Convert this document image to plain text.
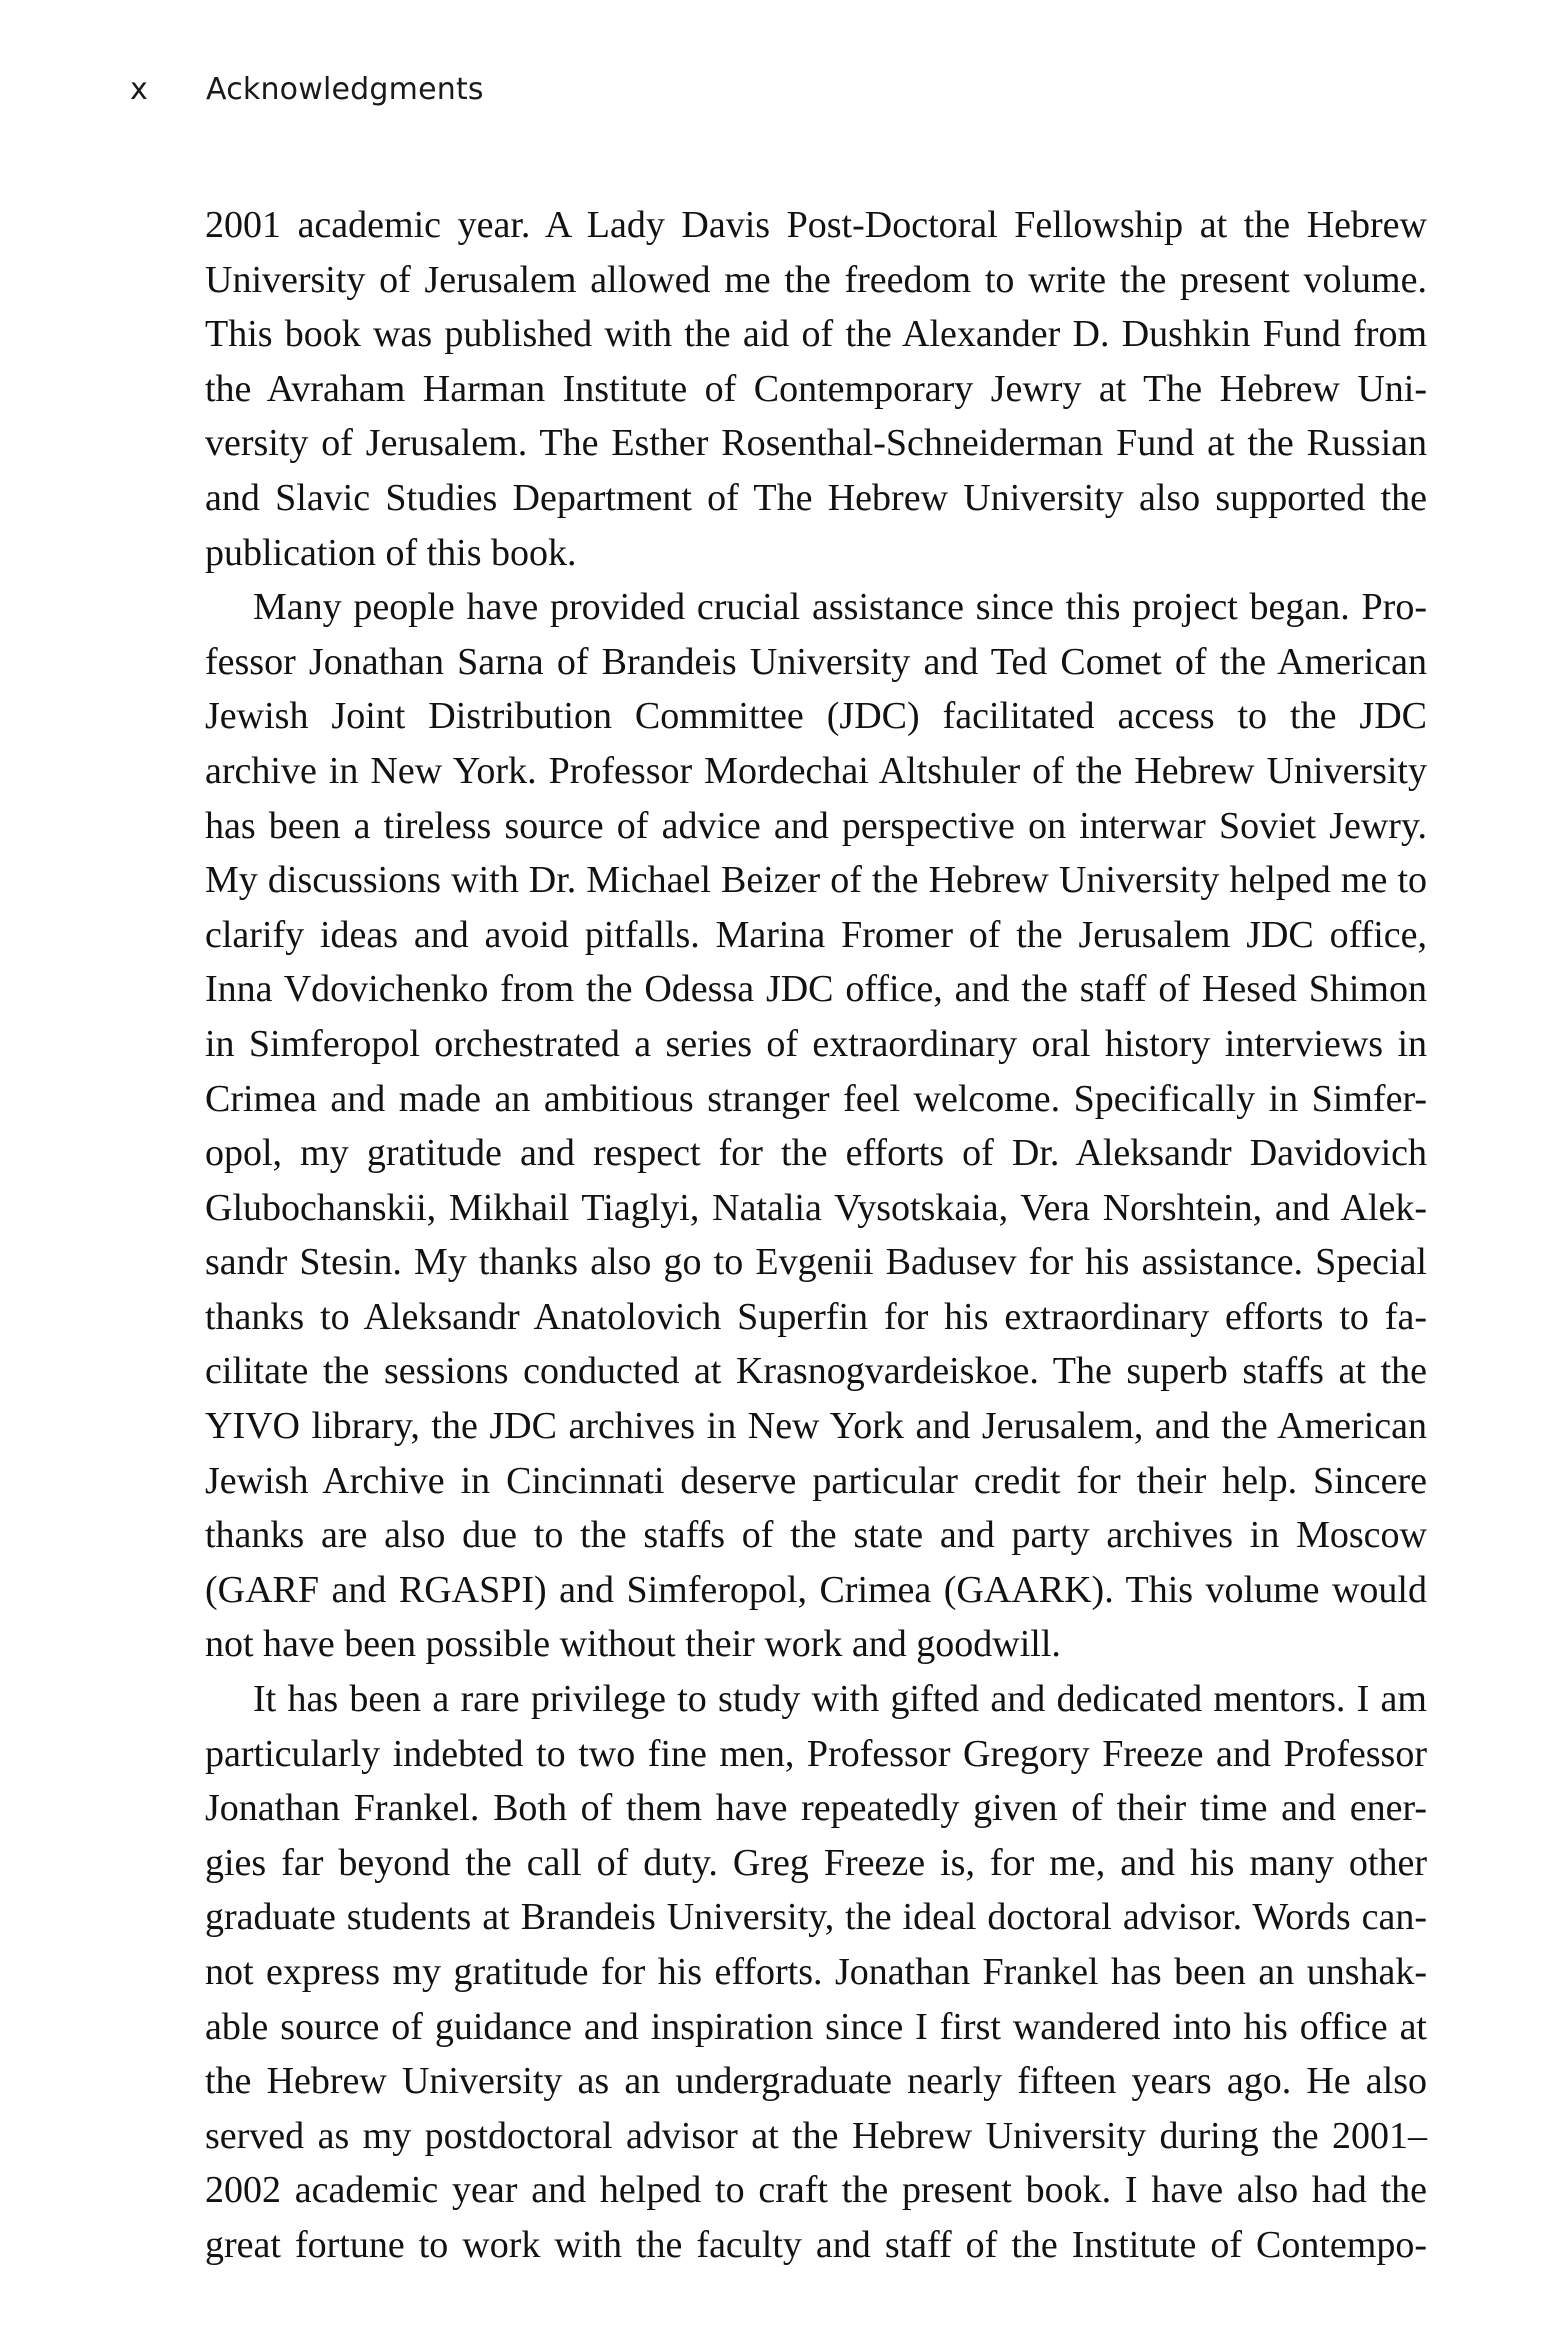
x Acknowledgments
2001 academic year. A Lady Davis Post-Doctoral Fellowship at the Hebrew
University of Jerusalem allowed me the freedom to write the present volume.
This book was published with the aid of the Alexander D. Dushkin Fund from
the Avraham Harman Institute of Contemporary Jewry at The Hebrew Uni-
versity of Jerusalem. The Esther Rosenthal-Schneiderman Fund at the Russian
and Slavic Studies Department of The Hebrew University also supported the
publication of this book.
Many people have provided crucial assistance since this project began. Pro-
fessor Jonathan Sarna of Brandeis University and Ted Comet of the American
Jewish Joint Distribution Committee (JDC) facilitated access to the JDC
archive in New York. Professor Mordechai Altshuler of the Hebrew University
has been a tireless source of advice and perspective on interwar Soviet Jewry.
My discussions with Dr. Michael Beizer of the Hebrew University helped me to
clarify ideas and avoid pitfalls. Marina Fromer of the Jerusalem JDC office,
Inna Vdovichenko from the Odessa JDC office, and the staff of Hesed Shimon
in Simferopol orchestrated a series of extraordinary oral history interviews in
Crimea and made an ambitious stranger feel welcome. Specifically in Simfer-
opol, my gratitude and respect for the efforts of Dr. Aleksandr Davidovich
Glubochanskii, Mikhail Tiaglyi, Natalia Vysotskaia, Vera Norshtein, and Alek-
sandr Stesin. My thanks also go to Evgenii Badusev for his assistance. Special
thanks to Aleksandr Anatolovich Superfin for his extraordinary efforts to fa-
cilitate the sessions conducted at Krasnogvardeiskoe. The superb staffs at the
YIVO library, the JDC archives in New York and Jerusalem, and the American
Jewish Archive in Cincinnati deserve particular credit for their help. Sincere
thanks are also due to the staffs of the state and party archives in Moscow
(GARF and RGASPI) and Simferopol, Crimea (GAARK). This volume would
not have been possible without their work and goodwill.
It has been a rare privilege to study with gifted and dedicated mentors. I am
particularly indebted to two fine men, Professor Gregory Freeze and Professor
Jonathan Frankel. Both of them have repeatedly given of their time and ener-
gies far beyond the call of duty. Greg Freeze is, for me, and his many other
graduate students at Brandeis University, the ideal doctoral advisor. Words can-
not express my gratitude for his efforts. Jonathan Frankel has been an unshak-
able source of guidance and inspiration since I first wandered into his office at
the Hebrew University as an undergraduate nearly fifteen years ago. He also
served as my postdoctoral advisor at the Hebrew University during the 2001–
2002 academic year and helped to craft the present book. I have also had the
great fortune to work with the faculty and staff of the Institute of Contempo-
